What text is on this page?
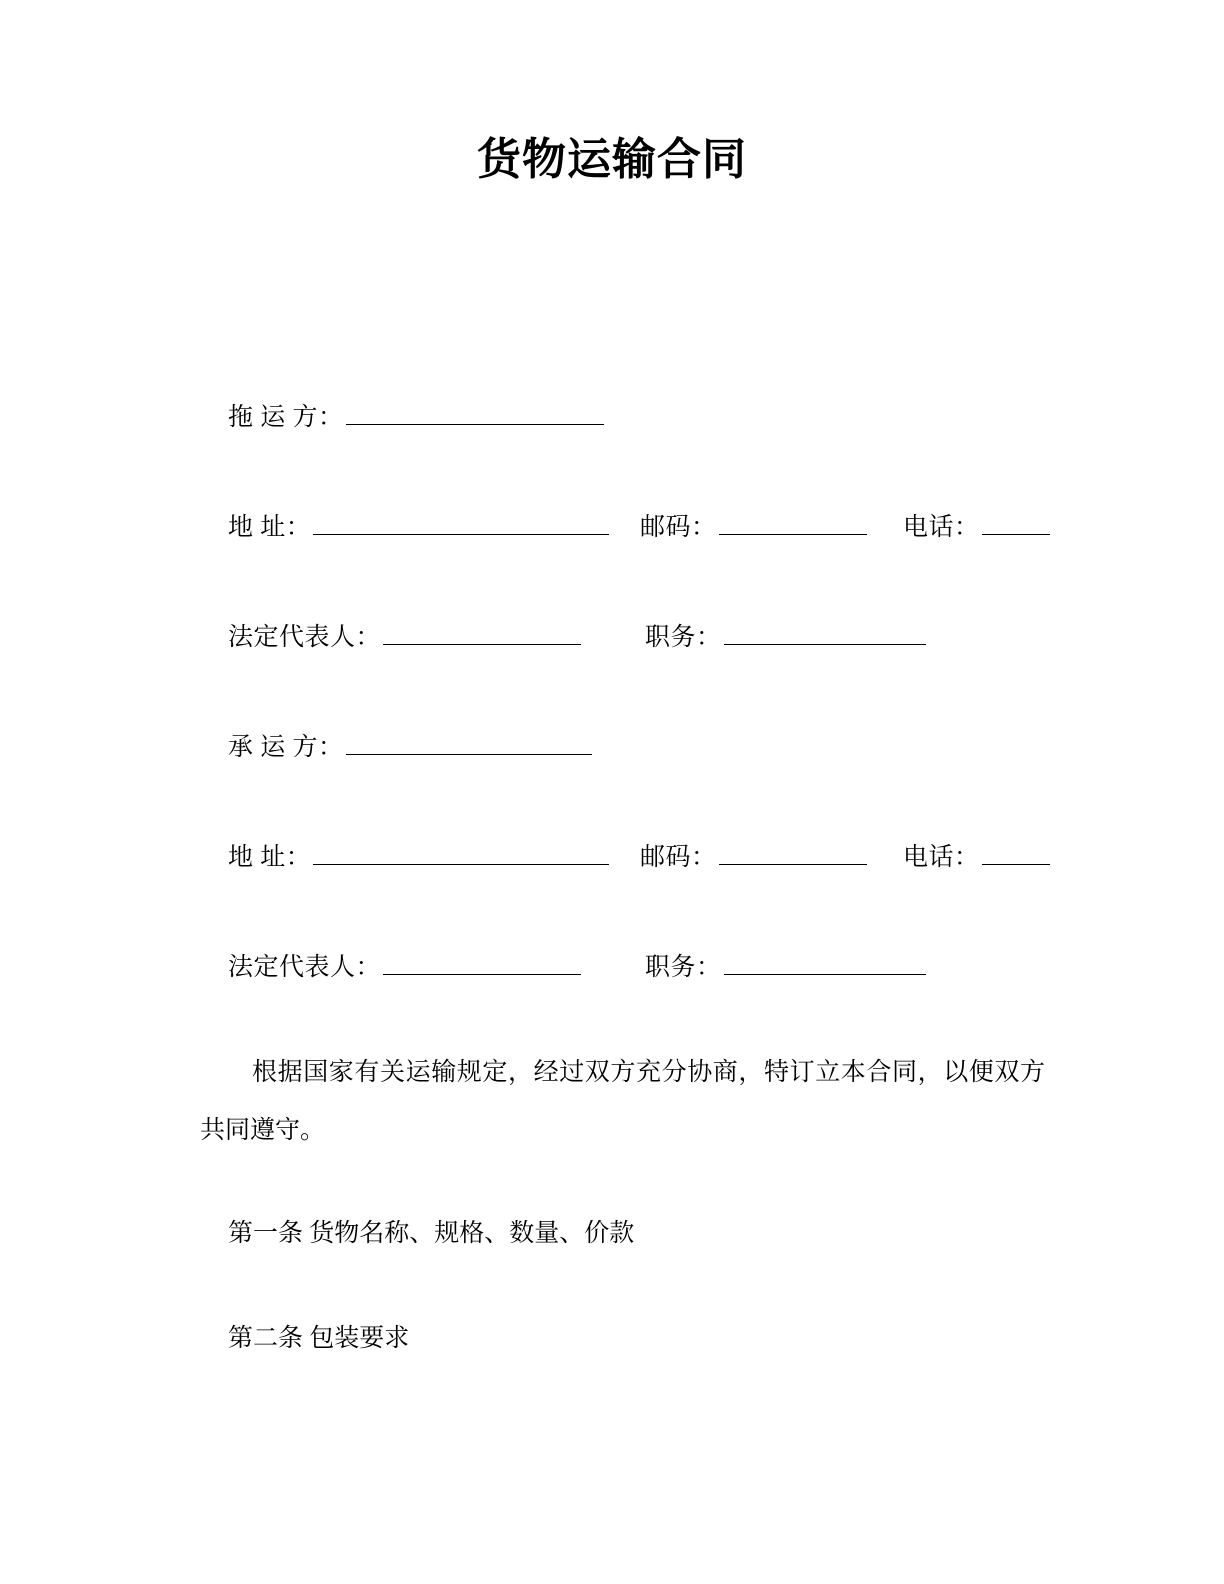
货物运输合同
拖 运 方：
地 址：	邮码：	电话：
法定代表人：	职务：
承 运 方：
地 址：	邮码：	电话：
法定代表人：	职务：

根据国家有关运输规定，经过双方充分协商，特订立本合同，以便双方共同遵守。

第一条 货物名称、规格、数量、价款

第二条 包装要求
